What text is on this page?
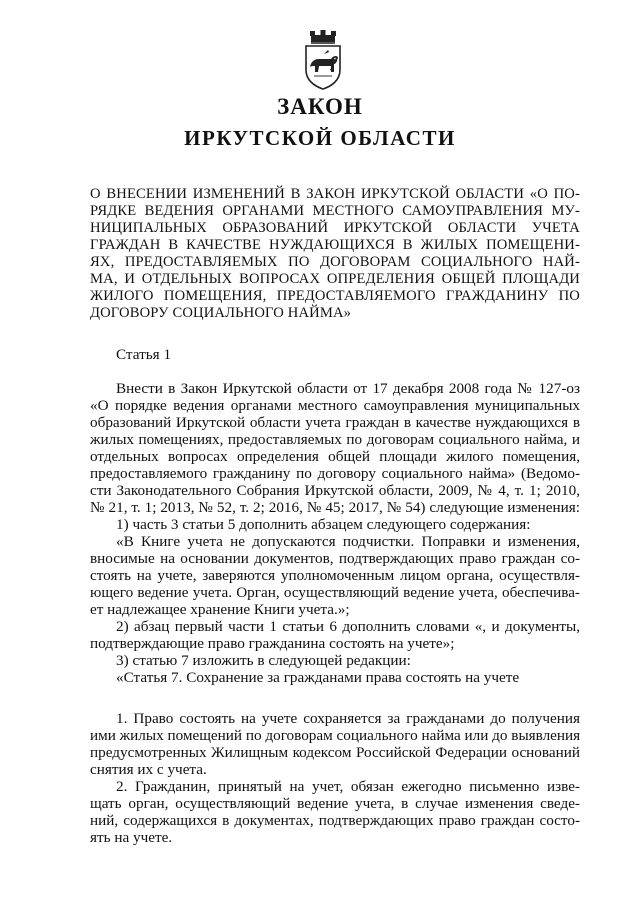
ЗАКОН
ИРКУТСКОЙ ОБЛАСТИ
О ВНЕСЕНИИ ИЗМЕНЕНИЙ В ЗАКОН ИРКУТСКОЙ ОБЛАСТИ «О ПО-
РЯДКЕ ВЕДЕНИЯ ОРГАНАМИ МЕСТНОГО САМОУПРАВЛЕНИЯ МУ-
НИЦИПАЛЬНЫХ ОБРАЗОВАНИЙ ИРКУТСКОЙ ОБЛАСТИ УЧЕТА
ГРАЖДАН В КАЧЕСТВЕ НУЖДАЮЩИХСЯ В ЖИЛЫХ ПОМЕЩЕНИ-
ЯХ, ПРЕДОСТАВЛЯЕМЫХ ПО ДОГОВОРАМ СОЦИАЛЬНОГО НАЙ-
МА, И ОТДЕЛЬНЫХ ВОПРОСАХ ОПРЕДЕЛЕНИЯ ОБЩЕЙ ПЛОЩАДИ
ЖИЛОГО ПОМЕЩЕНИЯ, ПРЕДОСТАВЛЯЕМОГО ГРАЖДАНИНУ ПО
ДОГОВОРУ СОЦИАЛЬНОГО НАЙМА»
Статья 1
Внести в Закон Иркутской области от 17 декабря 2008 года № 127-оз
«О порядке ведения органами местного самоуправления муниципальных
образований Иркутской области учета граждан в качестве нуждающихся в
жилых помещениях, предоставляемых по договорам социального найма, и
отдельных вопросах определения общей площади жилого помещения,
предоставляемого гражданину по договору социального найма» (Ведомо-
сти Законодательного Собрания Иркутской области, 2009, № 4, т. 1; 2010,
№ 21, т. 1; 2013, № 52, т. 2; 2016, № 45; 2017, № 54) следующие изменения:
1) часть 3 статьи 5 дополнить абзацем следующего содержания:
«В Книге учета не допускаются подчистки. Поправки и изменения,
вносимые на основании документов, подтверждающих право граждан со-
стоять на учете, заверяются уполномоченным лицом органа, осуществля-
ющего ведение учета. Орган, осуществляющий ведение учета, обеспечива-
ет надлежащее хранение Книги учета.»;
2) абзац первый части 1 статьи 6 дополнить словами «, и документы,
подтверждающие право гражданина состоять на учете»;
3) статью 7 изложить в следующей редакции:
«Статья 7. Сохранение за гражданами права состоять на учете
1. Право состоять на учете сохраняется за гражданами до получения
ими жилых помещений по договорам социального найма или до выявления
предусмотренных Жилищным кодексом Российской Федерации оснований
снятия их с учета.
2. Гражданин, принятый на учет, обязан ежегодно письменно изве-
щать орган, осуществляющий ведение учета, в случае изменения сведе-
ний, содержащихся в документах, подтверждающих право граждан состо-
ять на учете.
